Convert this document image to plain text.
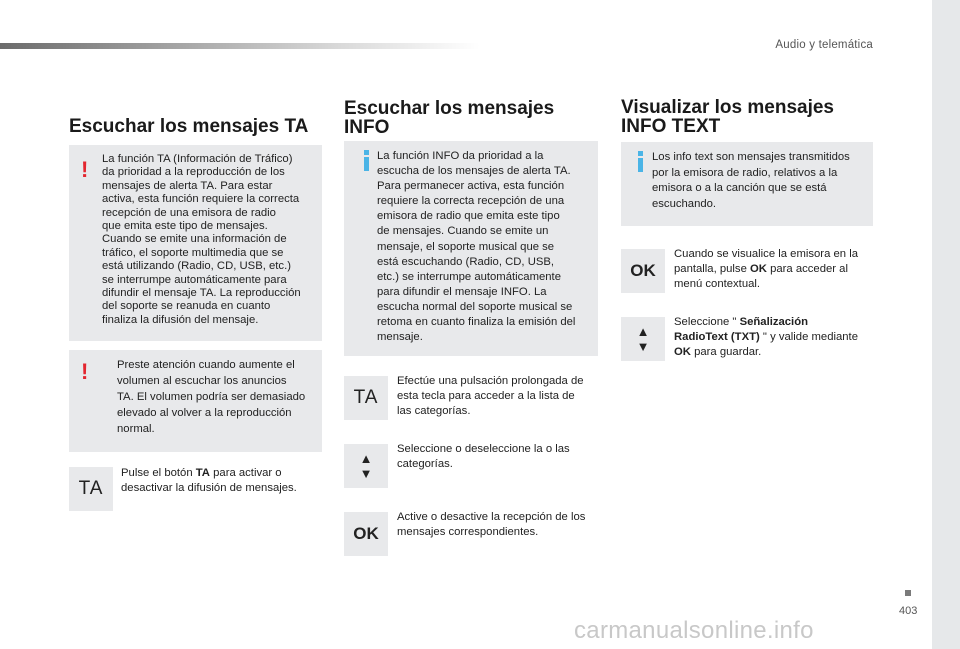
Audio y telemática
Escuchar los mensajes TA
! La función TA (Información de Tráfico)
da prioridad a la reproducción de los
mensajes de alerta TA. Para estar
activa, esta función requiere la correcta
recepción de una emisora de radio
que emita este tipo de mensajes.
Cuando se emite una información de
tráfico, el soporte multimedia que se
está utilizando (Radio, CD, USB, etc.)
se interrumpe automáticamente para
difundir el mensaje TA. La reproducción
del soporte se reanuda en cuanto
finaliza la difusión del mensaje.
!	Preste atención cuando aumente el
volumen al escuchar los anuncios
TA. El volumen podría ser demasiado
elevado al volver a la reproducción
normal.
TA
Pulse el botón TA para activar o
desactivar la difusión de mensajes.
Escuchar los mensajes
INFO
La función INFO da prioridad a la
escucha de los mensajes de alerta TA.
Para permanecer activa, esta función
requiere la correcta recepción de una
emisora de radio que emita este tipo
de mensajes. Cuando se emite un
mensaje, el soporte musical que se
está escuchando (Radio, CD, USB,
etc.) se interrumpe automáticamente
para difundir el mensaje INFO. La
escucha normal del soporte musical se
retoma en cuanto finaliza la emisión del
mensaje.
TA
Efectúe una pulsación prolongada de
esta tecla para acceder a la lista de
las categorías.
▲
▼
Seleccione o deseleccione la o las
categorías.
OK
Active o desactive la recepción de los
mensajes correspondientes.
Visualizar los mensajes
INFO TEXT
Los info text son mensajes transmitidos
por la emisora de radio, relativos a la
emisora o a la canción que se está
escuchando.
OK
Cuando se visualice la emisora en la
pantalla, pulse OK para acceder al
menú contextual.
▲
▼
Seleccione " Señalización
RadioText (TXT) " y valide mediante
OK para guardar.
403
carmanualsonline.info
